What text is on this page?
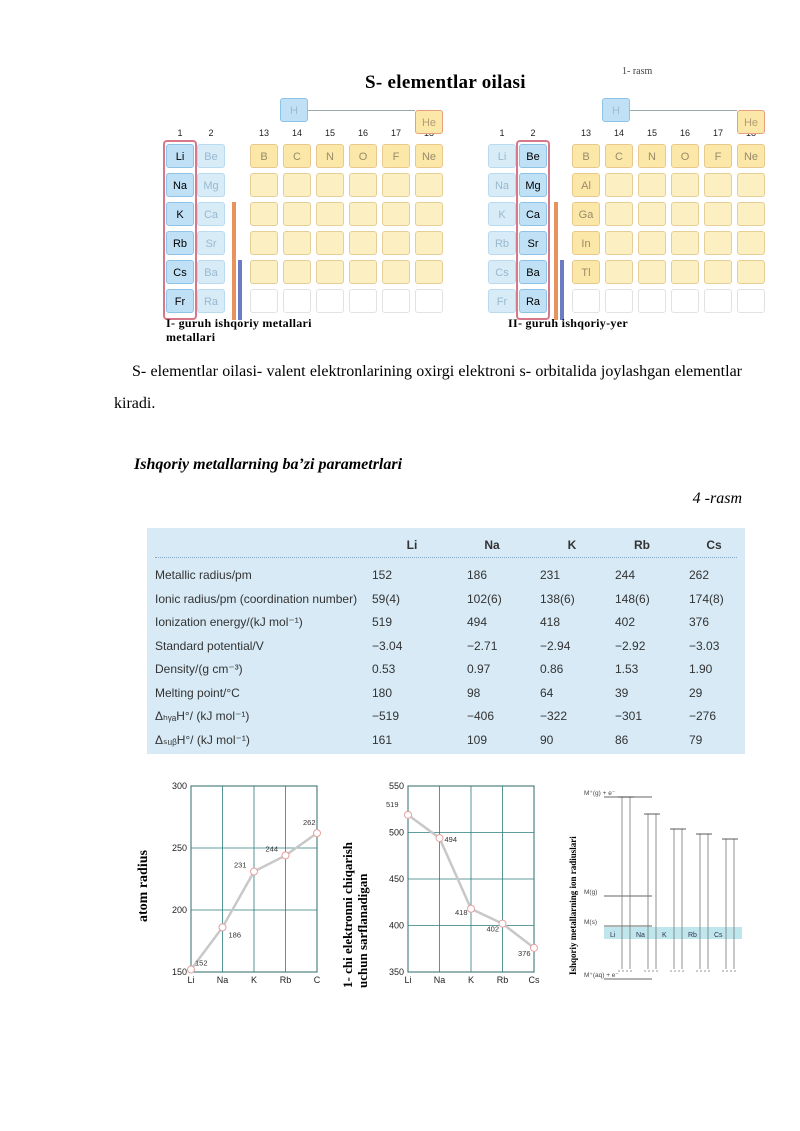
S- elementlar oilasi
1- rasm
1	2	13	14	15	16	17
H
He
Li	Be	B	C	N	O	F	Ne
Na	Mg
K	Ca
Rb	Sr
Cs	Ba
Fr	Ra
1	2	13	14	15	16	17
H
He
Li	Be	B	C	N	O	F	Ne
Na	Mg	Al
K	Ca	Ga
Rb	Sr	In
Cs	Ba	Tl
Fr	Ra
I- guruh ishqoriy metallari
metallari
II- guruh ishqoriy-yer

S- elementlar oilasi- valent elektronlarining oxirgi elektroni s- orbitalida joylashgan elementlar kiradi.

Ishqoriy metallarning ba’zi parametrlari
4 -rasm
Li	Na	K	Rb	Cs
Metallic radius/pm	152	186	231	244	262
Ionic radius/pm (coordination number) 59(4)	102(6)	138(6)	148(6)	174(8)
Ionization energy/(kJ mol⁻¹)	519	494	418	402	376
Standard potential/V	−3.04	−2.71	−2.94	−2.92	−3.03
Density/(g cm⁻³)	0.53	0.97	0.86	1.53	1.90
Melting point/°C	180	98	64	39	29
ΔₕᵧₐH°/ (kJ mol⁻¹)	−519	−406	−322	−301	−276
ΔₛᵤᵦH°/ (kJ mol⁻¹)	161	109	90	86	79
150
200
250
300
Li Na	K	Rb C
152
186
231
244
262
atom radius	1- chi elektronni chiqarish uchun sarflanadigan 350
400
450
500
550
Li Na	K	Rb Cs
519
494
418
402
376	Ishqoriy metallarning ion radiuslari
M⁺(g) + e⁻
M(g)
M(s)
M⁺(aq) + e⁻
Li	Na K	Rb Cs
